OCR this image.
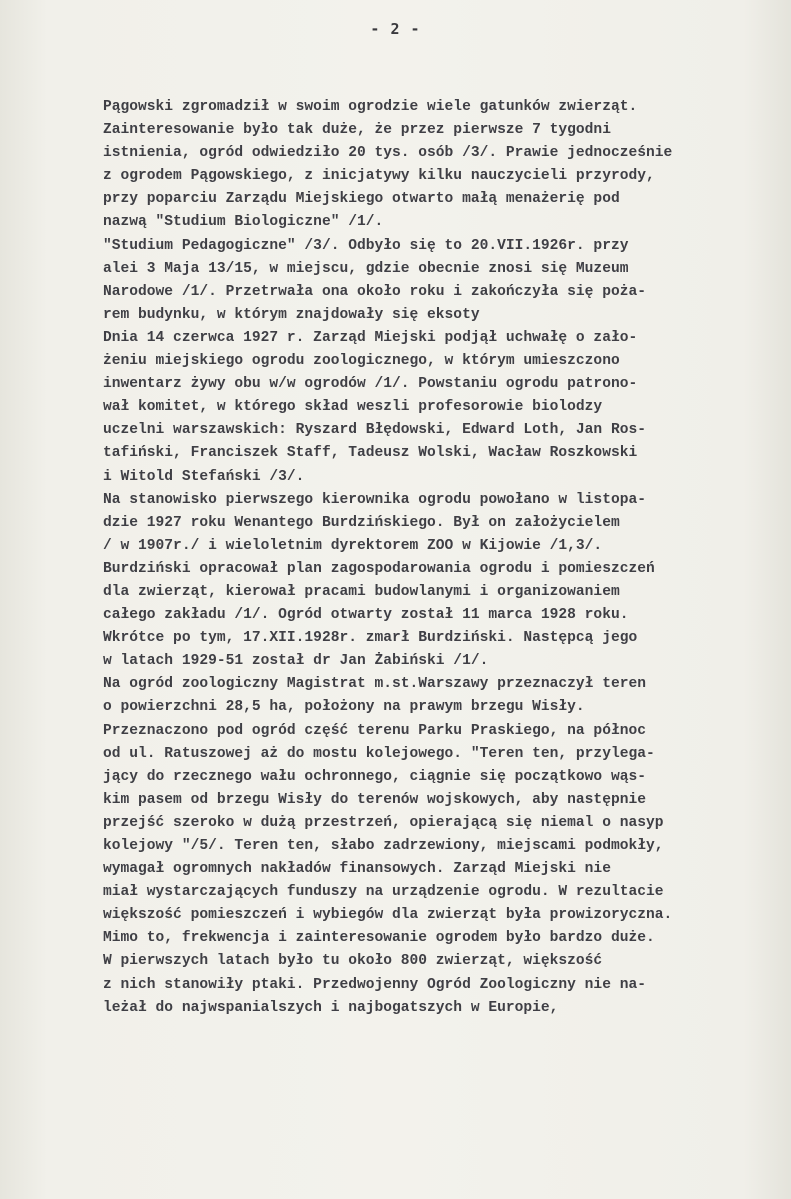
- 2 -
Pągowski zgromadził w swoim ogrodzie wiele gatunków zwierząt.
Zainteresowanie było tak duże, że przez pierwsze 7 tygodni
istnienia, ogród odwiedziło 20 tys. osób /3/. Prawie jednocześnie
z ogrodem Pągowskiego, z inicjatywy kilku nauczycieli przyrody,
przy poparciu Zarządu Miejskiego otwarto małą menażerię pod
nazwą "Studium Biologiczne" /1/.
"Studium Pedagogiczne" /3/. Odbyło się to 20.VII.1926r. przy
alei 3 Maja 13/15, w miejscu, gdzie obecnie znosi się Muzeum
Narodowe /1/. Przetrwała ona około roku i zakończyła się poża-
rem budynku, w którym znajdowały się eksoty
Dnia 14 czerwca 1927 r. Zarząd Miejski podjął uchwałę o zało-
żeniu miejskiego ogrodu zoologicznego, w którym umieszczono
inwentarz żywy obu w/w ogrodów /1/. Powstaniu ogrodu patrono-
wał komitet, w którego skład weszli profesorowie biolodzy
uczelni warszawskich: Ryszard Błędowski, Edward Loth, Jan Ros-
tafiński, Franciszek Staff, Tadeusz Wolski, Wacław Roszkowski
i Witold Stefański /3/.
Na stanowisko pierwszego kierownika ogrodu powołano w listopa-
dzie 1927 roku Wenantego Burdzińskiego. Był on założycielem
/ w 1907r./ i wieloletnim dyrektorem ZOO w Kijowie /1,3/.
Burdziński opracował plan zagospodarowania ogrodu i pomieszczeń
dla zwierząt, kierował pracami budowlanymi i organizowaniem
całego zakładu /1/. Ogród otwarty został 11 marca 1928 roku.
Wkrótce po tym, 17.XII.1928r. zmarł Burdziński. Następcą jego
w latach 1929-51 został dr Jan Żabiński /1/.
Na ogród zoologiczny Magistrat m.st.Warszawy przeznaczył teren
o powierzchni 28,5 ha, położony na prawym brzegu Wisły.
Przeznaczono pod ogród część terenu Parku Praskiego, na północ
od ul. Ratuszowej aż do mostu kolejowego. "Teren ten, przylega-
jący do rzecznego wału ochronnego, ciągnie się początkowo wąs-
kim pasem od brzegu Wisły do terenów wojskowych, aby następnie
przejść szeroko w dużą przestrzeń, opierającą się niemal o nasyp
kolejowy "/5/. Teren ten, słabo zadrzewiony, miejscami podmokły,
wymagał ogromnych nakładów finansowych. Zarząd Miejski nie
miał wystarczających funduszy na urządzenie ogrodu. W rezultacie
większość pomieszczeń i wybiegów dla zwierząt była prowizoryczna.
Mimo to, frekwencja i zainteresowanie ogrodem było bardzo duże.
W pierwszych latach było tu około 800 zwierząt, większość
z nich stanowiły ptaki. Przedwojenny Ogród Zoologiczny nie na-
leżał do najwspanialszych i najbogatszych w Europie,
